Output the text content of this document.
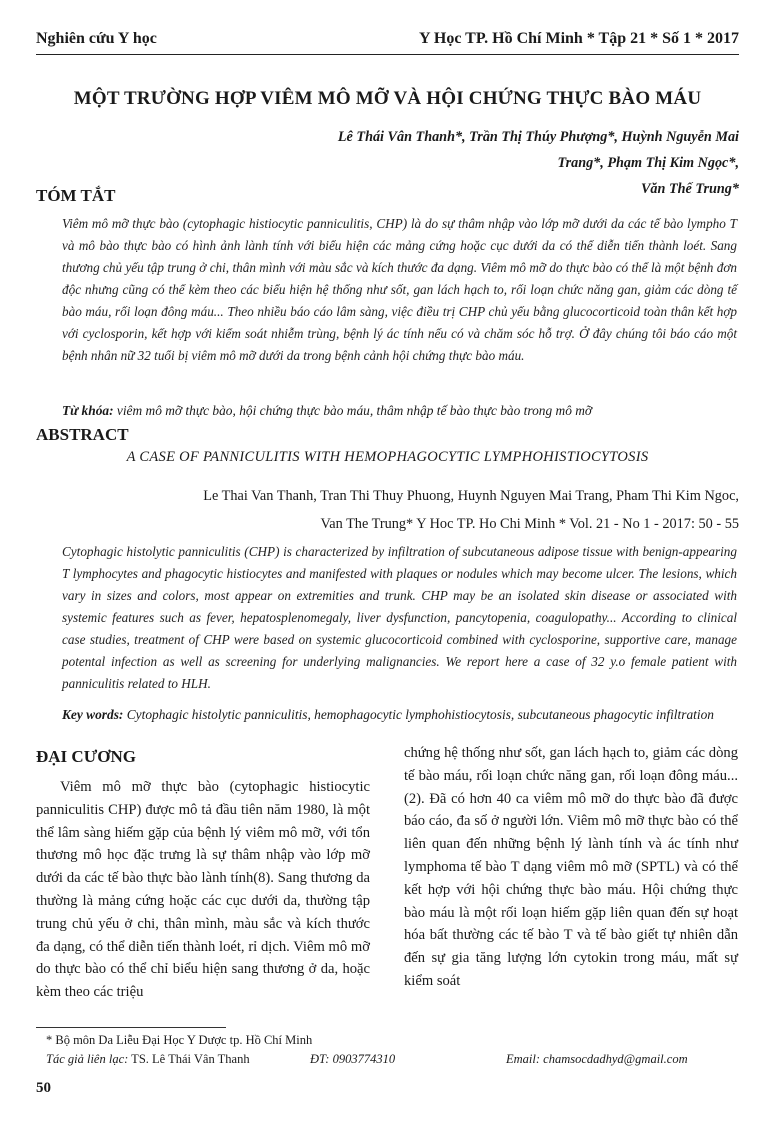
Nghiên cứu Y học	Y Học TP. Hồ Chí Minh * Tập 21 * Số 1 * 2017
MỘT TRƯỜNG HỢP VIÊM MÔ MỠ VÀ HỘI CHỨNG THỰC BÀO MÁU
Lê Thái Vân Thanh*, Trần Thị Thúy Phượng*, Huỳnh Nguyễn Mai Trang*, Phạm Thị Kim Ngọc*,
Văn Thế Trung*
TÓM TẮT
Viêm mô mỡ thực bào (cytophagic histiocytic panniculitis, CHP) là do sự thâm nhập vào lớp mỡ dưới da các tế bào lympho T và mô bào thực bào có hình ảnh lành tính với biểu hiện các mảng cứng hoặc cục dưới da có thể diễn tiến thành loét. Sang thương chủ yếu tập trung ở chi, thân mình với màu sắc và kích thước đa dạng. Viêm mô mỡ do thực bào có thể là một bệnh đơn độc nhưng cũng có thể kèm theo các biểu hiện hệ thống như sốt, gan lách hạch to, rối loạn chức năng gan, giảm các dòng tế bào máu, rối loạn đông máu... Theo nhiều báo cáo lâm sàng, việc điều trị CHP chủ yếu bằng glucocorticoid toàn thân kết hợp với cyclosporin, kết hợp với kiểm soát nhiễm trùng, bệnh lý ác tính nếu có và chăm sóc hỗ trợ. Ở đây chúng tôi báo cáo một bệnh nhân nữ 32 tuổi bị viêm mô mỡ dưới da trong bệnh cảnh hội chứng thực bào máu.
Từ khóa: viêm mô mỡ thực bào, hội chứng thực bào máu, thâm nhập tế bào thực bào trong mô mỡ
ABSTRACT
A CASE OF PANNICULITIS WITH HEMOPHAGOCYTIC LYMPHOHISTIOCYTOSIS
Le Thai Van Thanh, Tran Thi Thuy Phuong, Huynh Nguyen Mai Trang, Pham Thi Kim Ngoc,
Van The Trung* Y Hoc TP. Ho Chi Minh * Vol. 21 - No 1 - 2017: 50 - 55
Cytophagic histolytic panniculitis (CHP) is characterized by infiltration of subcutaneous adipose tissue with benign-appearing T lymphocytes and phagocytic histiocytes and manifested with plaques or nodules which may become ulcer. The lesions, which vary in sizes and colors, most appear on extremities and trunk. CHP may be an isolated skin disease or associated with systemic features such as fever, hepatosplenomegaly, liver dysfunction, pancytopenia, coagulopathy... According to clinical case studies, treatment of CHP were based on systemic glucocorticoid combined with cyclosporine, supportive care, manage potental infection as well as screening for underlying malignancies. We report here a case of 32 y.o female patient with panniculitis related to HLH.
Key words: Cytophagic histolytic panniculitis, hemophagocytic lymphohistiocytosis, subcutaneous phagocytic infiltration
ĐẠI CƯƠNG

Viêm mô mỡ thực bào (cytophagic histiocytic panniculitis CHP) được mô tả đầu tiên năm 1980, là một thể lâm sàng hiếm gặp của bệnh lý viêm mô mỡ, với tổn thương mô học đặc trưng là sự thâm nhập vào lớp mỡ dưới da các tế bào thực bào lành tính(8). Sang thương da thường là mảng cứng hoặc các cục dưới da, thường tập trung chủ yếu ở chi, thân mình, màu sắc và kích thước đa dạng, có thể diễn tiến thành loét, rỉ dịch. Viêm mô mỡ do thực bào có thể chỉ biểu hiện sang thương ở da, hoặc kèm theo các triệu

chứng hệ thống như sốt, gan lách hạch to, giảm các dòng tế bào máu, rối loạn chức năng gan, rối loạn đông máu...(2). Đã có hơn 40 ca viêm mô mỡ do thực bào đã được báo cáo, đa số ở người lớn. Viêm mô mỡ thực bào có thể liên quan đến những bệnh lý lành tính và ác tính như lymphoma tế bào T dạng viêm mô mỡ (SPTL) và có thể kết hợp với hội chứng thực bào máu. Hội chứng thực bào máu là một rối loạn hiếm gặp liên quan đến sự hoạt hóa bất thường các tế bào T và tế bào giết tự nhiên dẫn đến sự gia tăng lượng lớn cytokin trong máu, mất sự kiểm soát

* Bộ môn Da Liễu Đại Học Y Dược tp. Hồ Chí Minh
Tác giả liên lạc: TS. Lê Thái Vân Thanh	ĐT: 0903774310	Email: chamsocdadhyd@gmail.com
50
